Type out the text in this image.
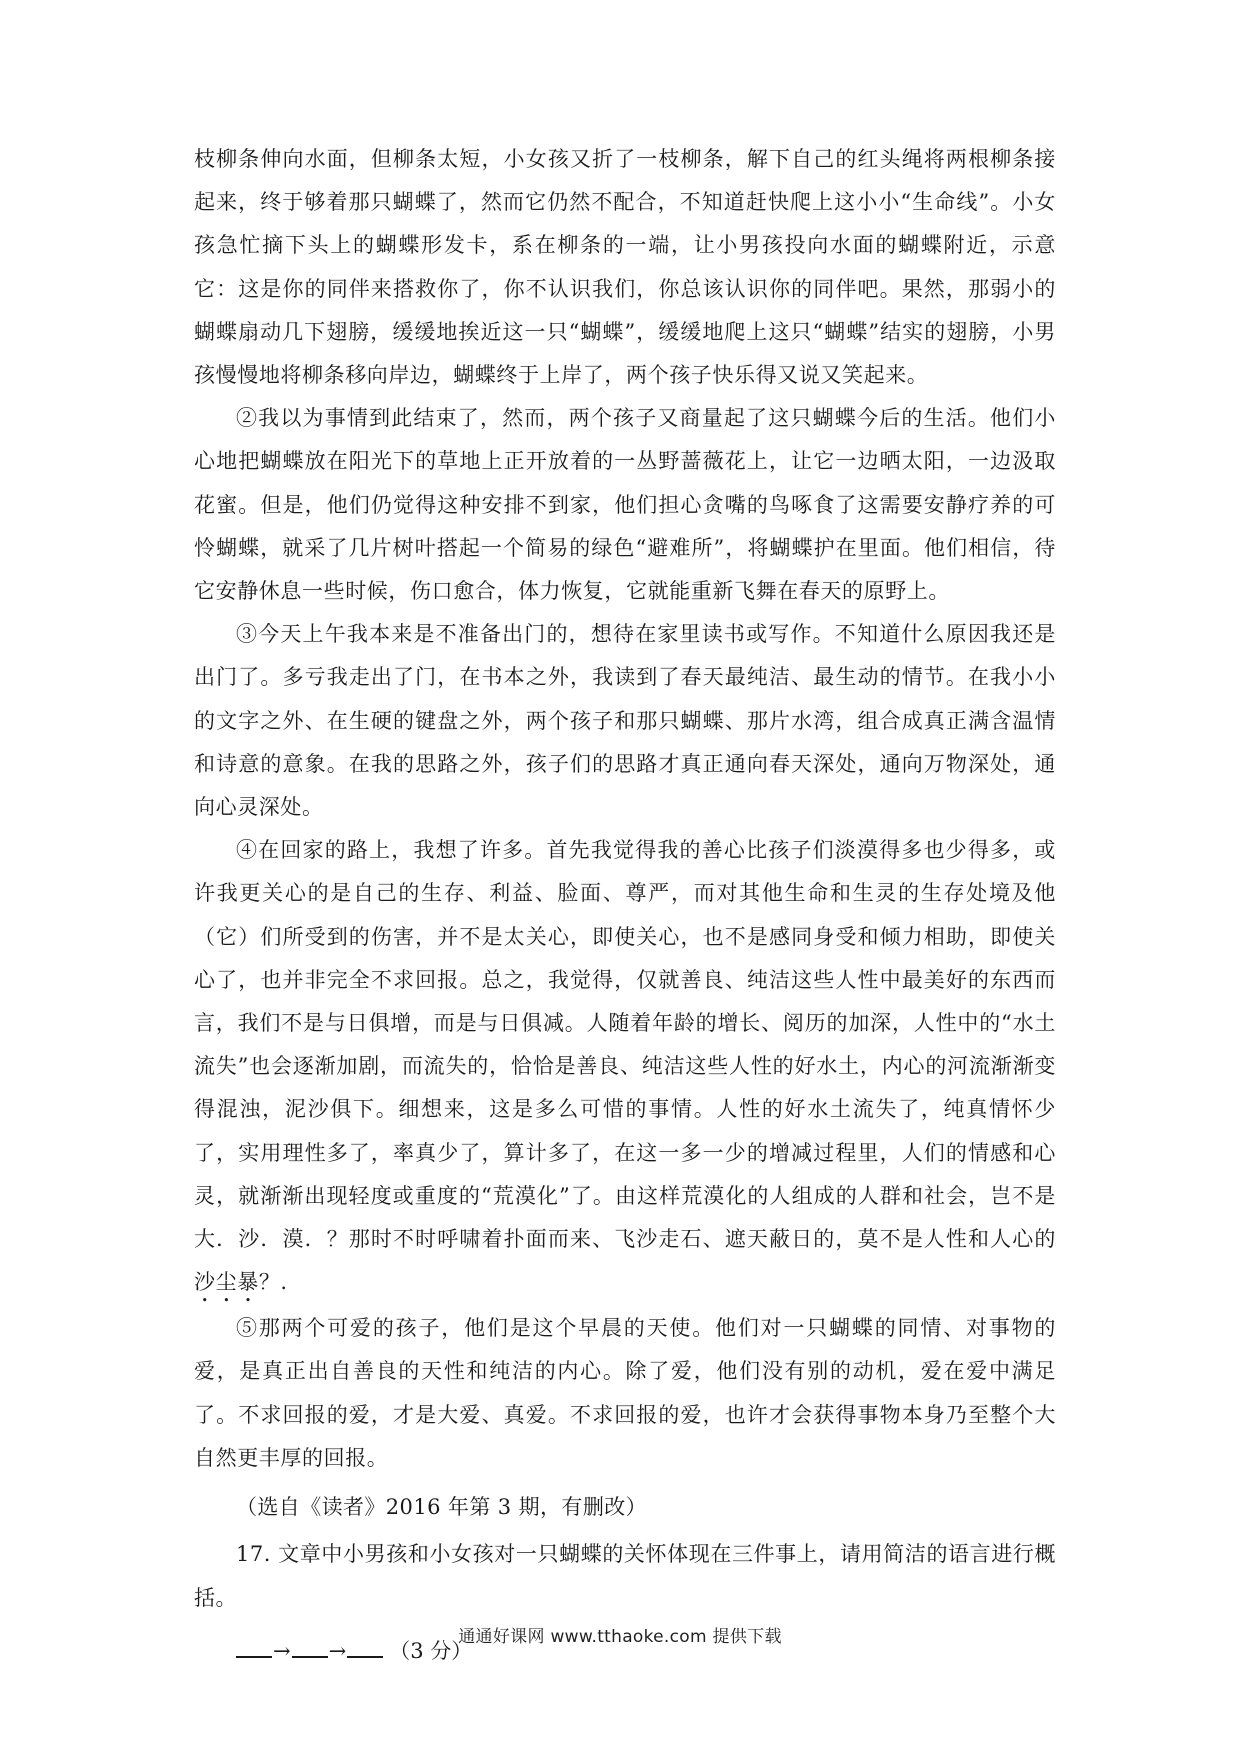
枝柳条伸向水面，但柳条太短，小女孩又折了一枝柳条，解下自己的红头绳将两根柳条接起来，终于够着那只蝴蝶了，然而它仍然不配合，不知道赶快爬上这小小“生命线”。小女孩急忙摘下头上的蝴蝶形发卡，系在柳条的一端，让小男孩投向水面的蝴蝶附近，示意它：这是你的同伴来搭救你了，你不认识我们，你总该认识你的同伴吧。果然，那弱小的蝴蝶扇动几下翅膀，缓缓地挨近这一只“蝴蝶”，缓缓地爬上这只“蝴蝶”结实的翅膀，小男孩慢慢地将柳条移向岸边，蝴蝶终于上岸了，两个孩子快乐得又说又笑起来。

②我以为事情到此结束了，然而，两个孩子又商量起了这只蝴蝶今后的生活。他们小心地把蝴蝶放在阳光下的草地上正开放着的一丛野蔷薇花上，让它一边晒太阳，一边汲取花蜜。但是，他们仍觉得这种安排不到家，他们担心贪嘴的鸟啄食了这需要安静疗养的可怜蝴蝶，就采了几片树叶搭起一个简易的绿色“避难所”，将蝴蝶护在里面。他们相信，待它安静休息一些时候，伤口愈合，体力恢复，它就能重新飞舞在春天的原野上。

③今天上午我本来是不准备出门的，想待在家里读书或写作。不知道什么原因我还是出门了。多亏我走出了门，在书本之外，我读到了春天最纯洁、最生动的情节。在我小小的文字之外、在生硬的键盘之外，两个孩子和那只蝴蝶、那片水湾，组合成真正满含温情和诗意的意象。在我的思路之外，孩子们的思路才真正通向春天深处，通向万物深处，通向心灵深处。

④在回家的路上，我想了许多。首先我觉得我的善心比孩子们淡漠得多也少得多，或许我更关心的是自己的生存、利益、脸面、尊严，而对其他生命和生灵的生存处境及他（它）们所受到的伤害，并不是太关心，即使关心，也不是感同身受和倾力相助，即使关心了，也并非完全不求回报。总之，我觉得，仅就善良、纯洁这些人性中最美好的东西而言，我们不是与日俱增，而是与日俱减。人随着年龄的增长、阅历的加深，人性中的“水土流失”也会逐渐加剧，而流失的，恰恰是善良、纯洁这些人性的好水土，内心的河流渐渐变得混浊，泥沙俱下。细想来，这是多么可惜的事情。人性的好水土流失了，纯真情怀少了，实用理性多了，率真少了，算计多了，在这一多一少的增减过程里，人们的情感和心灵，就渐渐出现轻度或重度的“荒漠化”了。由这样荒漠化的人组成的人群和社会，岂不是大．沙．漠．？那时不时呼啸着扑面而来、飞沙走石、遮天蔽日的，莫不是人性和人心的沙尘暴？.

⑤那两个可爱的孩子，他们是这个早晨的天使。他们对一只蝴蝶的同情、对事物的爱，是真正出自善良的天性和纯洁的内心。除了爱，他们没有别的动机，爱在爱中满足了。不求回报的爱，才是大爱、真爱。不求回报的爱，也许才会获得事物本身乃至整个大自然更丰厚的回报。

（选自《读者》2016 年第 3 期，有删改）

17. 文章中小男孩和小女孩对一只蝴蝶的关怀体现在三件事上，请用简洁的语言进行概括。

→ → （3 分）
通通好课网 www.tthaoke.com 提供下载
